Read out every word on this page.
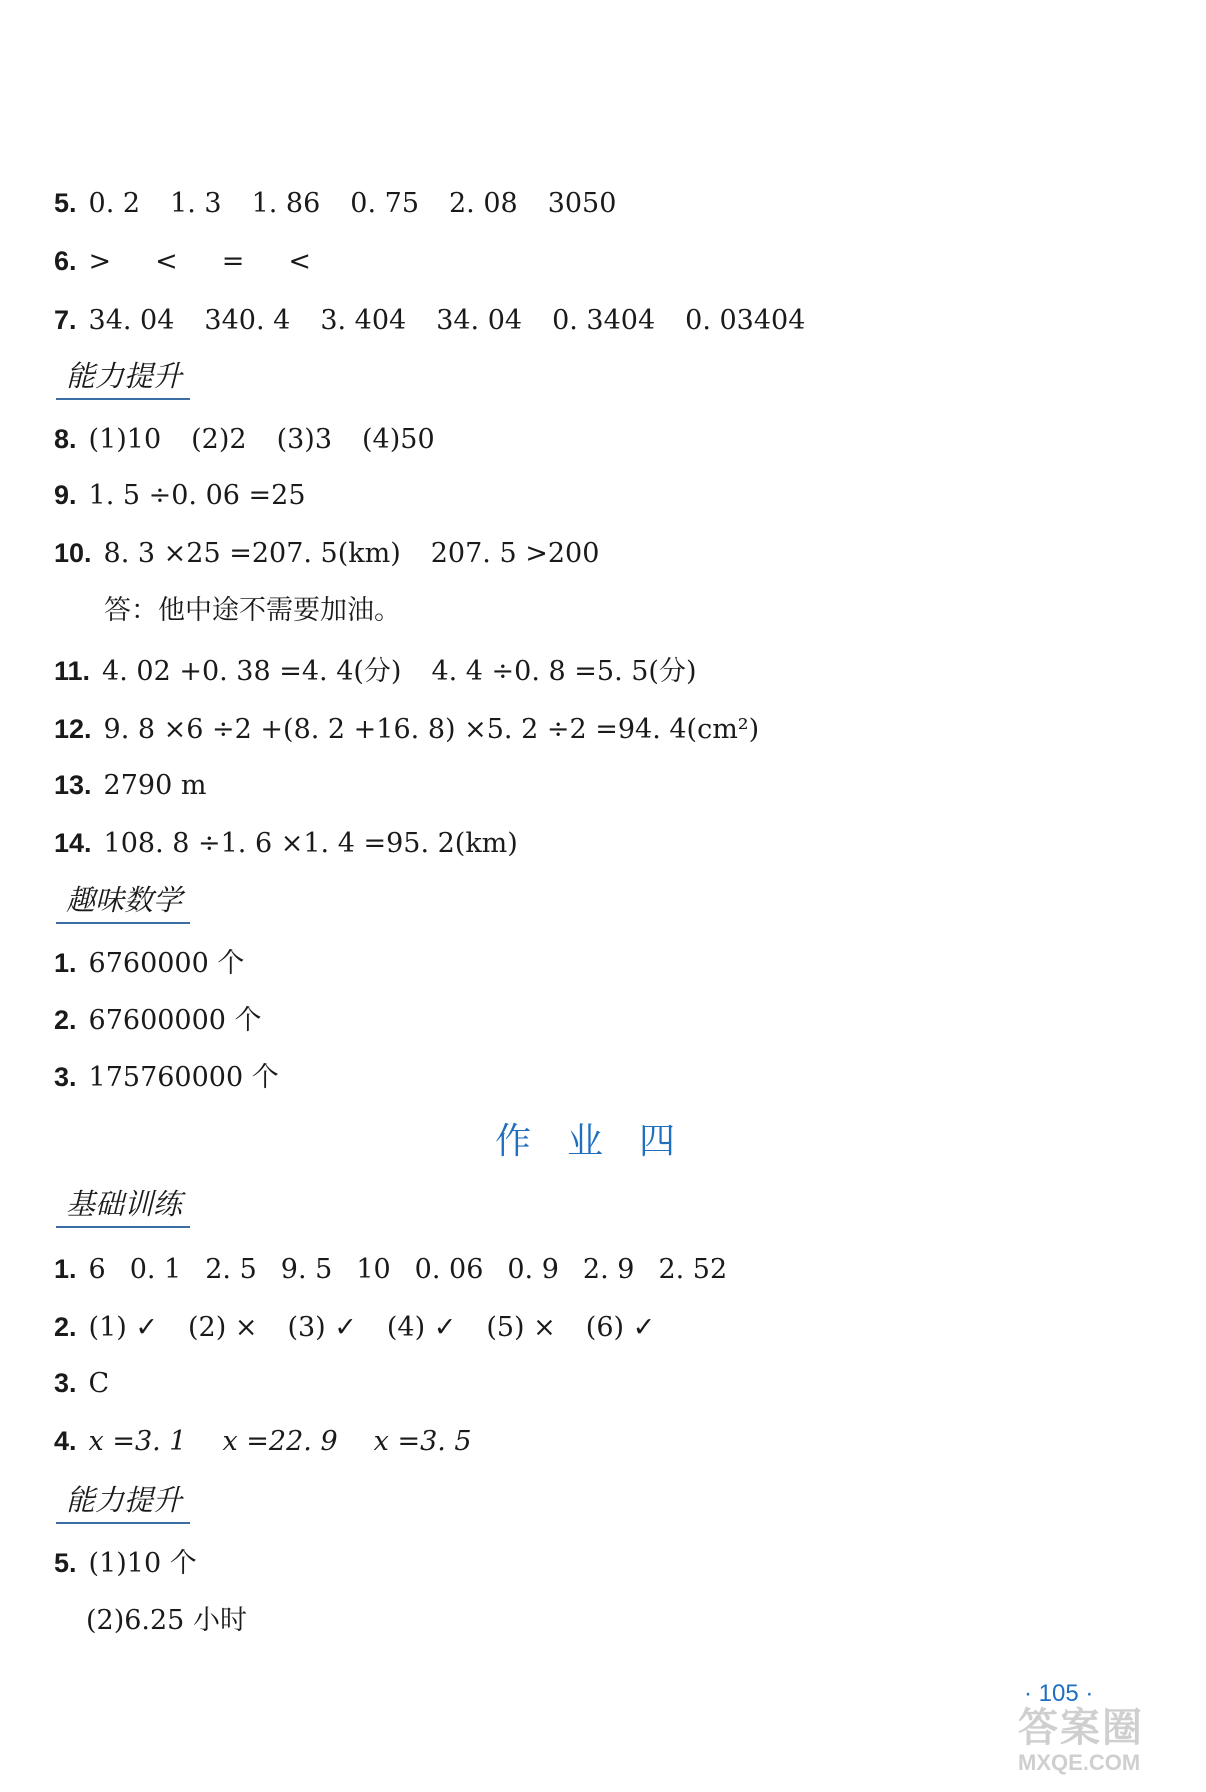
5. 0. 2 1. 3 1. 86 0. 75 2. 08 3050
6. > < = <
7. 34. 04 340. 4 3. 404 34. 04 0. 3404 0. 03404
能力提升
8. (1)10 (2)2 (3)3 (4)50
9. 1. 5 ÷0. 06 =25
10. 8. 3 ×25 =207. 5(km) 207. 5 >200
答：他中途不需要加油。
11. 4. 02 +0. 38 =4. 4(分) 4. 4 ÷0. 8 =5. 5(分)
12. 9. 8 ×6 ÷2 +(8. 2 +16. 8) ×5. 2 ÷2 =94. 4(cm²)
13. 2790 m
14. 108. 8 ÷1. 6 ×1. 4 =95. 2(km)
趣味数学
1. 6760000 个
2. 67600000 个
3. 175760000 个
作业四
基础训练
1. 6 0. 1 2. 5 9. 5 10 0. 06 0. 9 2. 9 2. 52
2. (1) ✓ (2) × (3) ✓ (4) ✓ (5) × (6) ✓
3. C
4. x =3. 1 x =22. 9 x =3. 5
能力提升
5. (1)10 个
(2)6.25 小时
· 105 ·
答案圈
MXQE.COM
